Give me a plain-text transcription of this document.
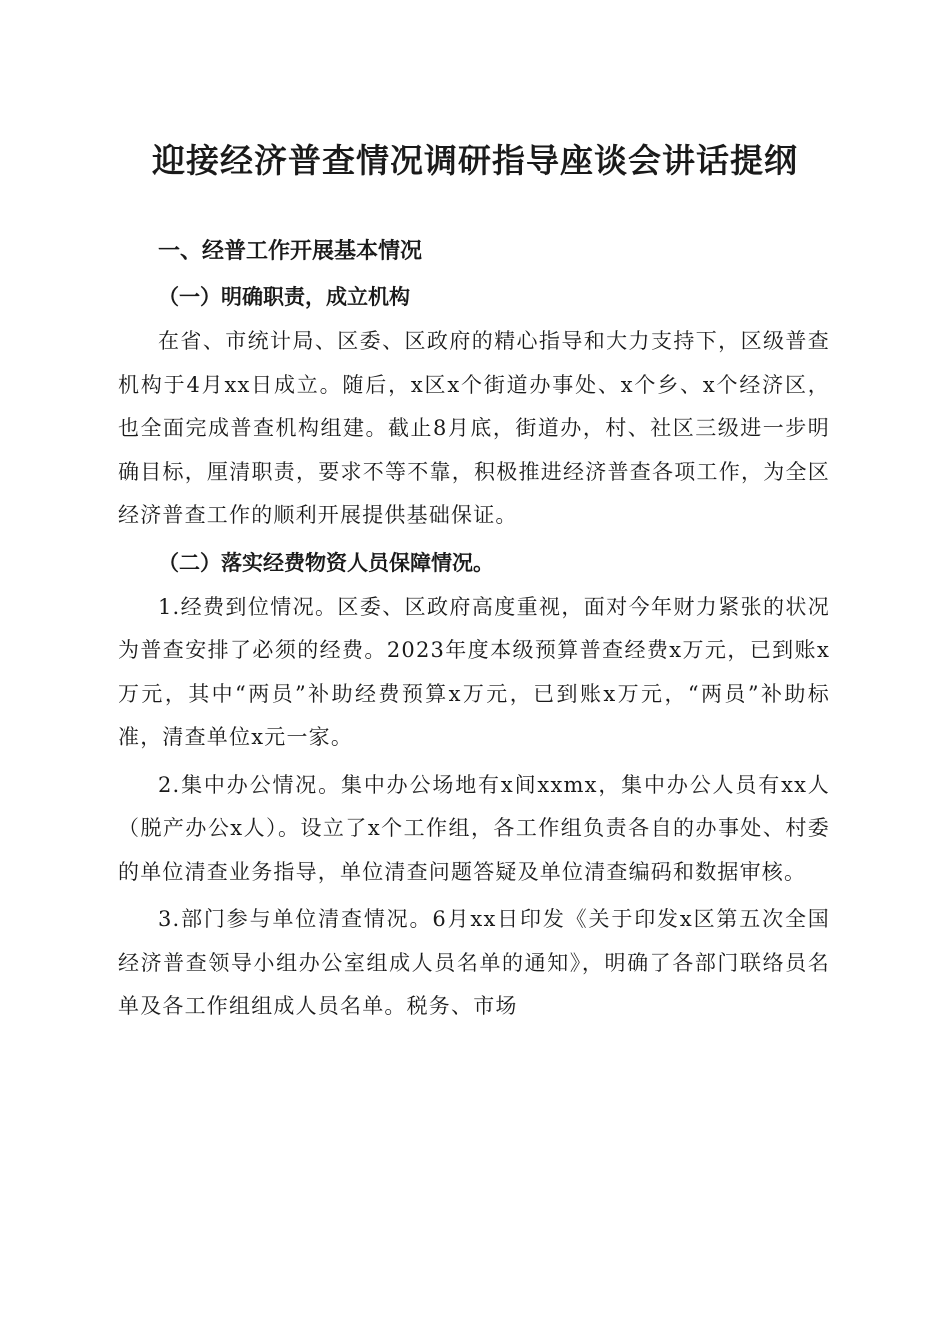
迎接经济普查情况调研指导座谈会讲话提纲
一、经普工作开展基本情况
（一）明确职责，成立机构

在省、市统计局、区委、区政府的精心指导和大力支持下，区级普查机构于4月xx日成立。随后，x区x个街道办事处、x个乡、x个经济区，也全面完成普查机构组建。截止8月底，街道办，村、社区三级进一步明确目标，厘清职责，要求不等不靠，积极推进经济普查各项工作，为全区经济普查工作的顺利开展提供基础保证。

（二）落实经费物资人员保障情况。

1.经费到位情况。区委、区政府高度重视，面对今年财力紧张的状况为普查安排了必须的经费。2023年度本级预算普查经费x万元，已到账x万元，其中“两员”补助经费预算x万元，已到账x万元，“两员”补助标准，清查单位x元一家。

2.集中办公情况。集中办公场地有x间xxmx，集中办公人员有xx人（脱产办公x人）。设立了x个工作组，各工作组负责各自的办事处、村委的单位清查业务指导，单位清查问题答疑及单位清查编码和数据审核。

3.部门参与单位清查情况。6月xx日印发《关于印发x区第五次全国经济普查领导小组办公室组成人员名单的通知》，明确了各部门联络员名单及各工作组组成人员名单。税务、市场
